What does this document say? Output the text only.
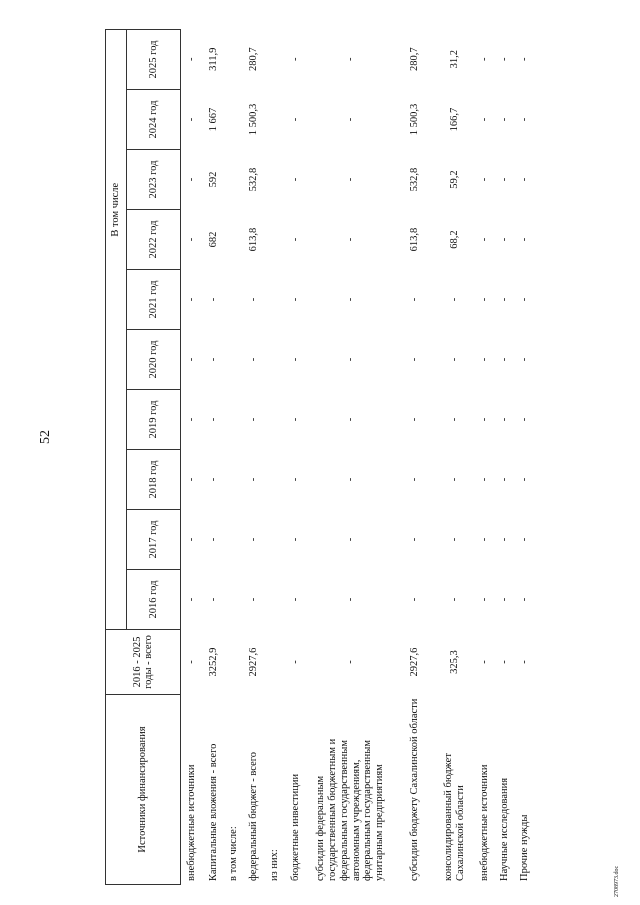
52
Источники финансирования	2016 - 2025 годы - всего					В том числе					
		2016 год	2017 год	2018 год	2019 год	2020 год	2021 год	2022 год	2023 год	2024 год	2025 год
внебюджетные источники	-	-	-	-	-	-	-	-	-	-	-
Капитальные вложения - всего	3252,9	-	-	-	-	-	-	682	592	1 667	311,9
в том числе:											
федеральный бюджет - всего	2927,6	-	-	-	-	-	-	613,8	532,8	1 500,3	280,7
из них:											
бюджетные инвестиции	-	-	-	-	-	-	-	-	-	-	-
субсидии федеральным государственным бюджетным и федеральным государственным автономным учреждениям, федеральным государственным унитарным предприятиям	-	-	-	-	-	-	-	-	-	-	-
субсидии бюджету Сахалинской области	2927,6	-	-	-	-	-	-	613,8	532,8	1 500,3	280,7
консолидированный бюджет Сахалинской области	325,3	-	-	-	-	-	-	68,2	59,2	166,7	31,2
внебюджетные источники	-	-	-	-	-	-	-	-	-	-	-
Научные исследования	-	-	-	-	-	-	-	-	-	-	-
Прочие нужды	-	-	-	-	-	-	-	-	-	-	-
2708973.doc
